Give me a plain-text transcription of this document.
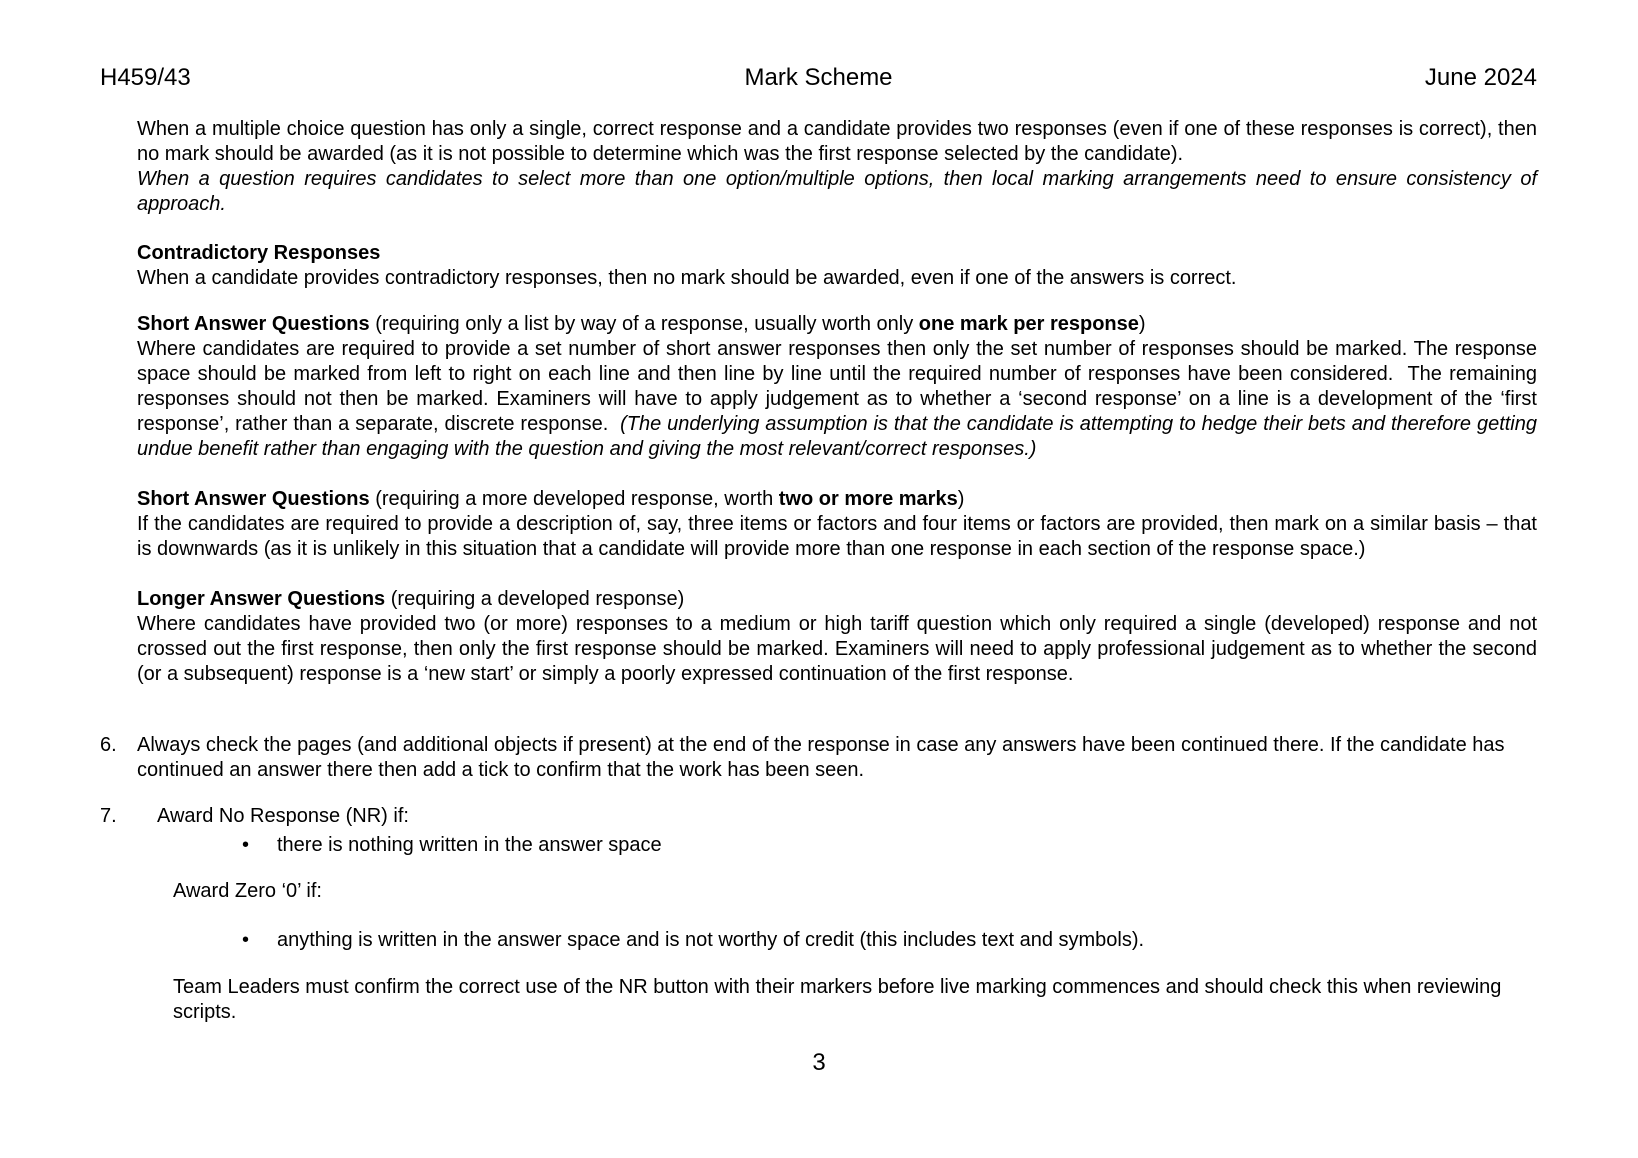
H459/43	Mark Scheme	June 2024
When a multiple choice question has only a single, correct response and a candidate provides two responses (even if one of these responses is correct), then no mark should be awarded (as it is not possible to determine which was the first response selected by the candidate).
When a question requires candidates to select more than one option/multiple options, then local marking arrangements need to ensure consistency of approach.
Contradictory Responses
When a candidate provides contradictory responses, then no mark should be awarded, even if one of the answers is correct.
Short Answer Questions (requiring only a list by way of a response, usually worth only one mark per response)
Where candidates are required to provide a set number of short answer responses then only the set number of responses should be marked. The response space should be marked from left to right on each line and then line by line until the required number of responses have been considered.  The remaining responses should not then be marked. Examiners will have to apply judgement as to whether a ‘second response’ on a line is a development of the ‘first response’, rather than a separate, discrete response.  (The underlying assumption is that the candidate is attempting to hedge their bets and therefore getting undue benefit rather than engaging with the question and giving the most relevant/correct responses.)
Short Answer Questions (requiring a more developed response, worth two or more marks)
If the candidates are required to provide a description of, say, three items or factors and four items or factors are provided, then mark on a similar basis – that is downwards (as it is unlikely in this situation that a candidate will provide more than one response in each section of the response space.)
Longer Answer Questions (requiring a developed response)
Where candidates have provided two (or more) responses to a medium or high tariff question which only required a single (developed) response and not crossed out the first response, then only the first response should be marked. Examiners will need to apply professional judgement as to whether the second (or a subsequent) response is a ‘new start’ or simply a poorly expressed continuation of the first response.
6.	Always check the pages (and additional objects if present) at the end of the response in case any answers have been continued there. If the candidate has continued an answer there then add a tick to confirm that the work has been seen.
7.	Award No Response (NR) if:
•	there is nothing written in the answer space
Award Zero ‘0’ if:
•	anything is written in the answer space and is not worthy of credit (this includes text and symbols).
Team Leaders must confirm the correct use of the NR button with their markers before live marking commences and should check this when reviewing scripts.
3
